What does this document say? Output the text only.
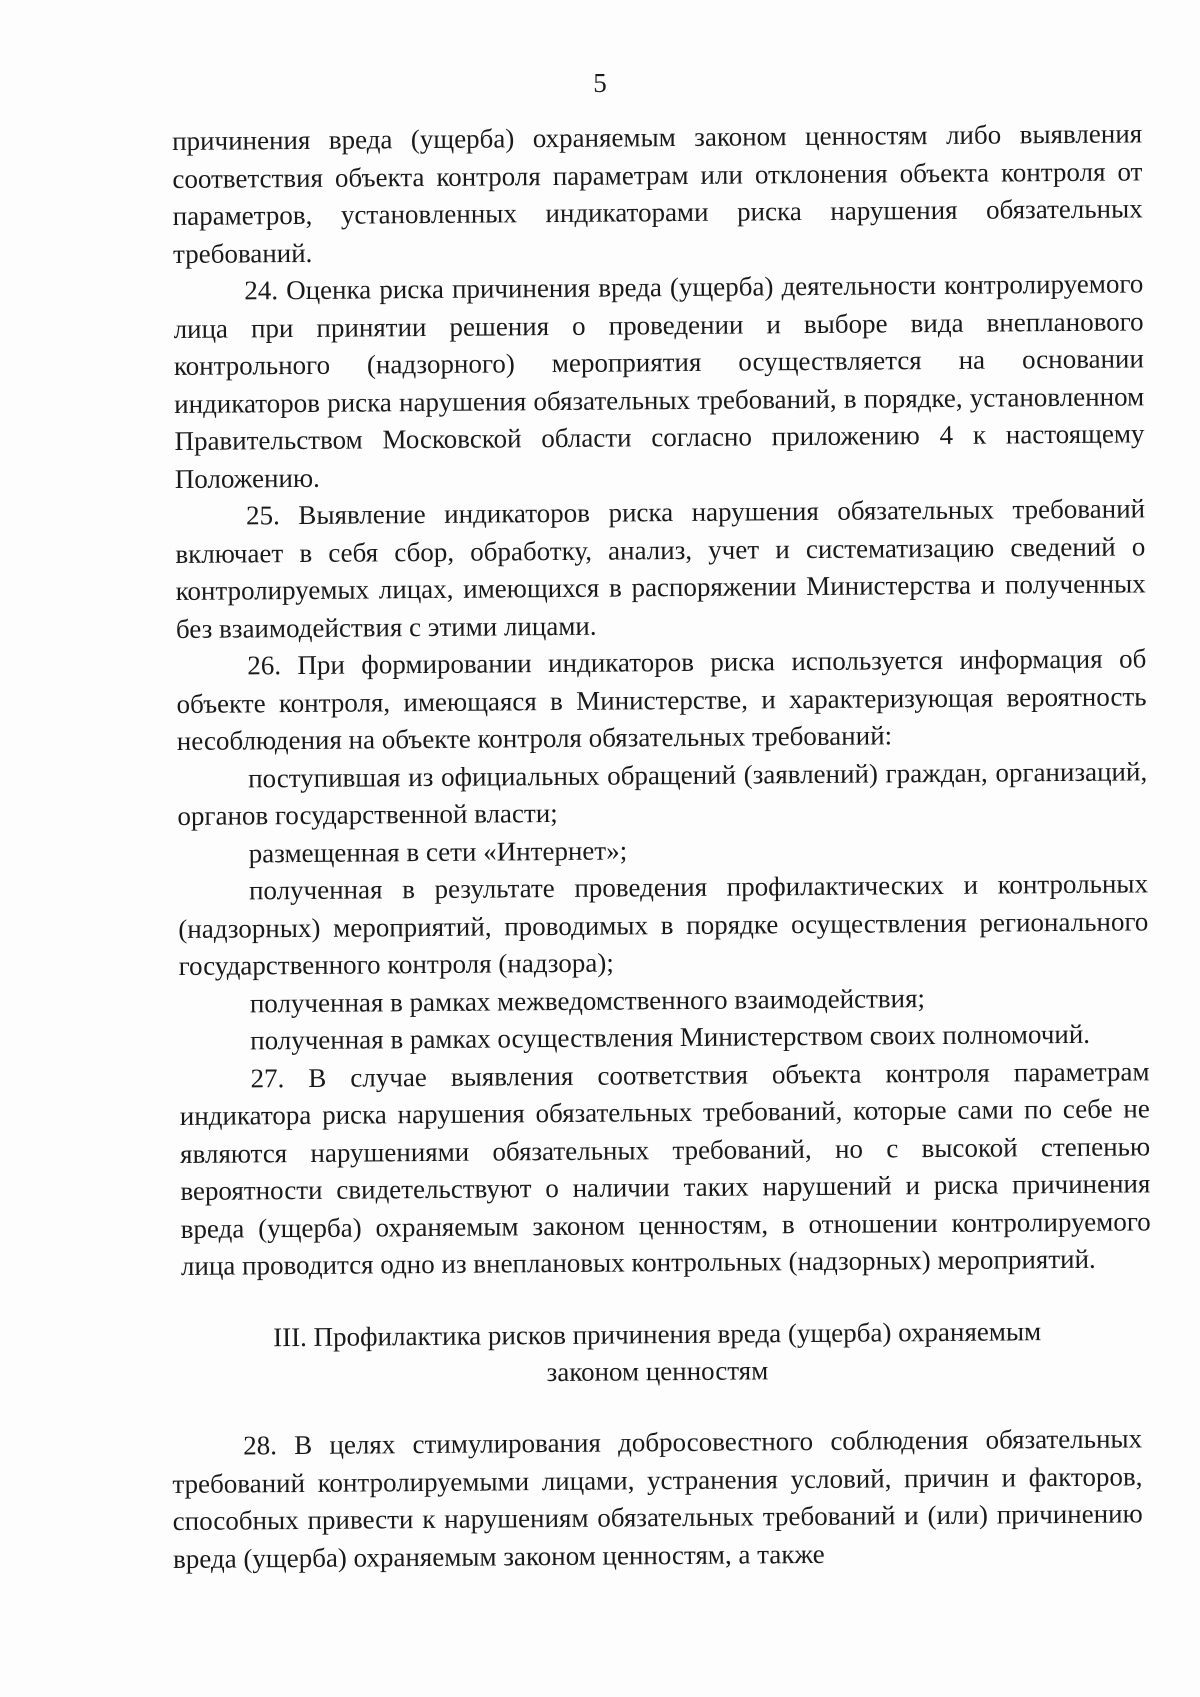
5

причинения вреда (ущерба) охраняемым законом ценностям либо выявления соответствия объекта контроля параметрам или отклонения объекта контроля от параметров, установленных индикаторами риска нарушения обязательных требований.

24. Оценка риска причинения вреда (ущерба) деятельности контролируемого лица при принятии решения о проведении и выборе вида внепланового контрольного (надзорного) мероприятия осуществляется на основании индикаторов риска нарушения обязательных требований, в порядке, установленном Правительством Московской области согласно приложению 4 к настоящему Положению.

25. Выявление индикаторов риска нарушения обязательных требований включает в себя сбор, обработку, анализ, учет и систематизацию сведений о контролируемых лицах, имеющихся в распоряжении Министерства и полученных без взаимодействия с этими лицами.

26. При формировании индикаторов риска используется информация об объекте контроля, имеющаяся в Министерстве, и характеризующая вероятность несоблюдения на объекте контроля обязательных требований:

поступившая из официальных обращений (заявлений) граждан, организаций, органов государственной власти;

размещенная в сети «Интернет»;

полученная в результате проведения профилактических и контрольных (надзорных) мероприятий, проводимых в порядке осуществления регионального государственного контроля (надзора);

полученная в рамках межведомственного взаимодействия;

полученная в рамках осуществления Министерством своих полномочий.

27. В случае выявления соответствия объекта контроля параметрам индикатора риска нарушения обязательных требований, которые сами по себе не являются нарушениями обязательных требований, но с высокой степенью вероятности свидетельствуют о наличии таких нарушений и риска причинения вреда (ущерба) охраняемым законом ценностям, в отношении контролируемого лица проводится одно из внеплановых контрольных (надзорных) мероприятий.

III. Профилактика рисков причинения вреда (ущерба) охраняемым
законом ценностям

28. В целях стимулирования добросовестного соблюдения обязательных требований контролируемыми лицами, устранения условий, причин и факторов, способных привести к нарушениям обязательных требований и (или) причинению вреда (ущерба) охраняемым законом ценностям, а также
